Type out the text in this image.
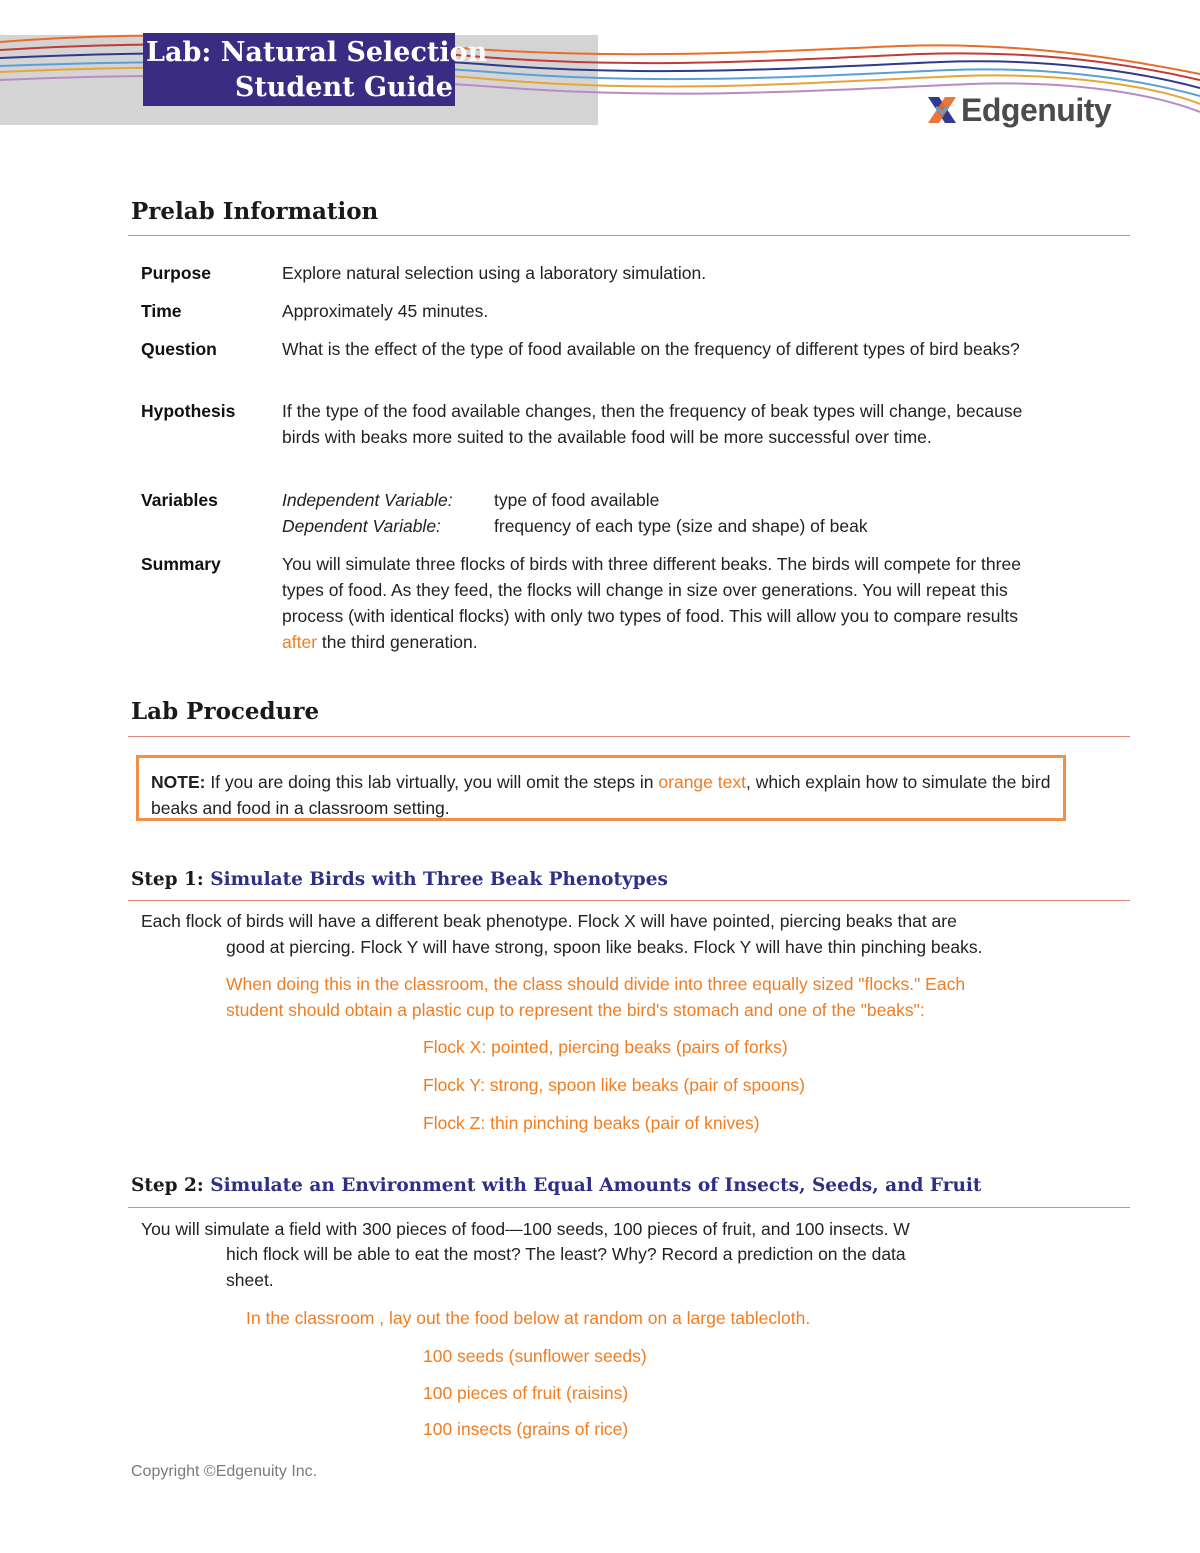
Lab: Natural Selection
Student Guide
Edgenuity
Prelab Information
Purpose	Explore natural selection using a laboratory simulation.
Time	Approximately 45 minutes.
Question	What is the effect of the type of food available on the frequency of different types of bird beaks?
Hypothesis	If the type of the food available changes, then the frequency of beak types will change, because birds with beaks more suited to the available food will be more successful over time.
Variables	Independent Variable:	type of food available
Dependent Variable:	frequency of each type (size and shape) of beak
Summary	You will simulate three flocks of birds with three different beaks. The birds will compete for three types of food. As they feed, the flocks will change in size over generations. You will repeat this process (with identical flocks) with only two types of food. This will allow you to compare results after the third generation.
Lab Procedure
NOTE: If you are doing this lab virtually, you will omit the steps in orange text, which explain how to simulate the bird beaks and food in a classroom setting.
Step 1: Simulate Birds with Three Beak Phenotypes
Each flock of birds will have a different beak phenotype. Flock X will have pointed, piercing beaks that are
good at piercing. Flock Y will have strong, spoon like beaks. Flock Y will have thin pinching beaks.
When doing this in the classroom, the class should divide into three equally sized "flocks." Each
student should obtain a plastic cup to represent the bird's stomach and one of the "beaks":
Flock X: pointed, piercing beaks (pairs of forks)
Flock Y: strong, spoon like beaks (pair of spoons)
Flock Z: thin pinching beaks (pair of knives)
Step 2: Simulate an Environment with Equal Amounts of Insects, Seeds, and Fruit
You will simulate a field with 300 pieces of food—100 seeds, 100 pieces of fruit, and 100 insects. W
hich flock will be able to eat the most? The least? Why? Record a prediction on the data
sheet.
In the classroom , lay out the food below at random on a large tablecloth.
100 seeds (sunflower seeds)
100 pieces of fruit (raisins)
100 insects (grains of rice)
Copyright ©Edgenuity Inc.
